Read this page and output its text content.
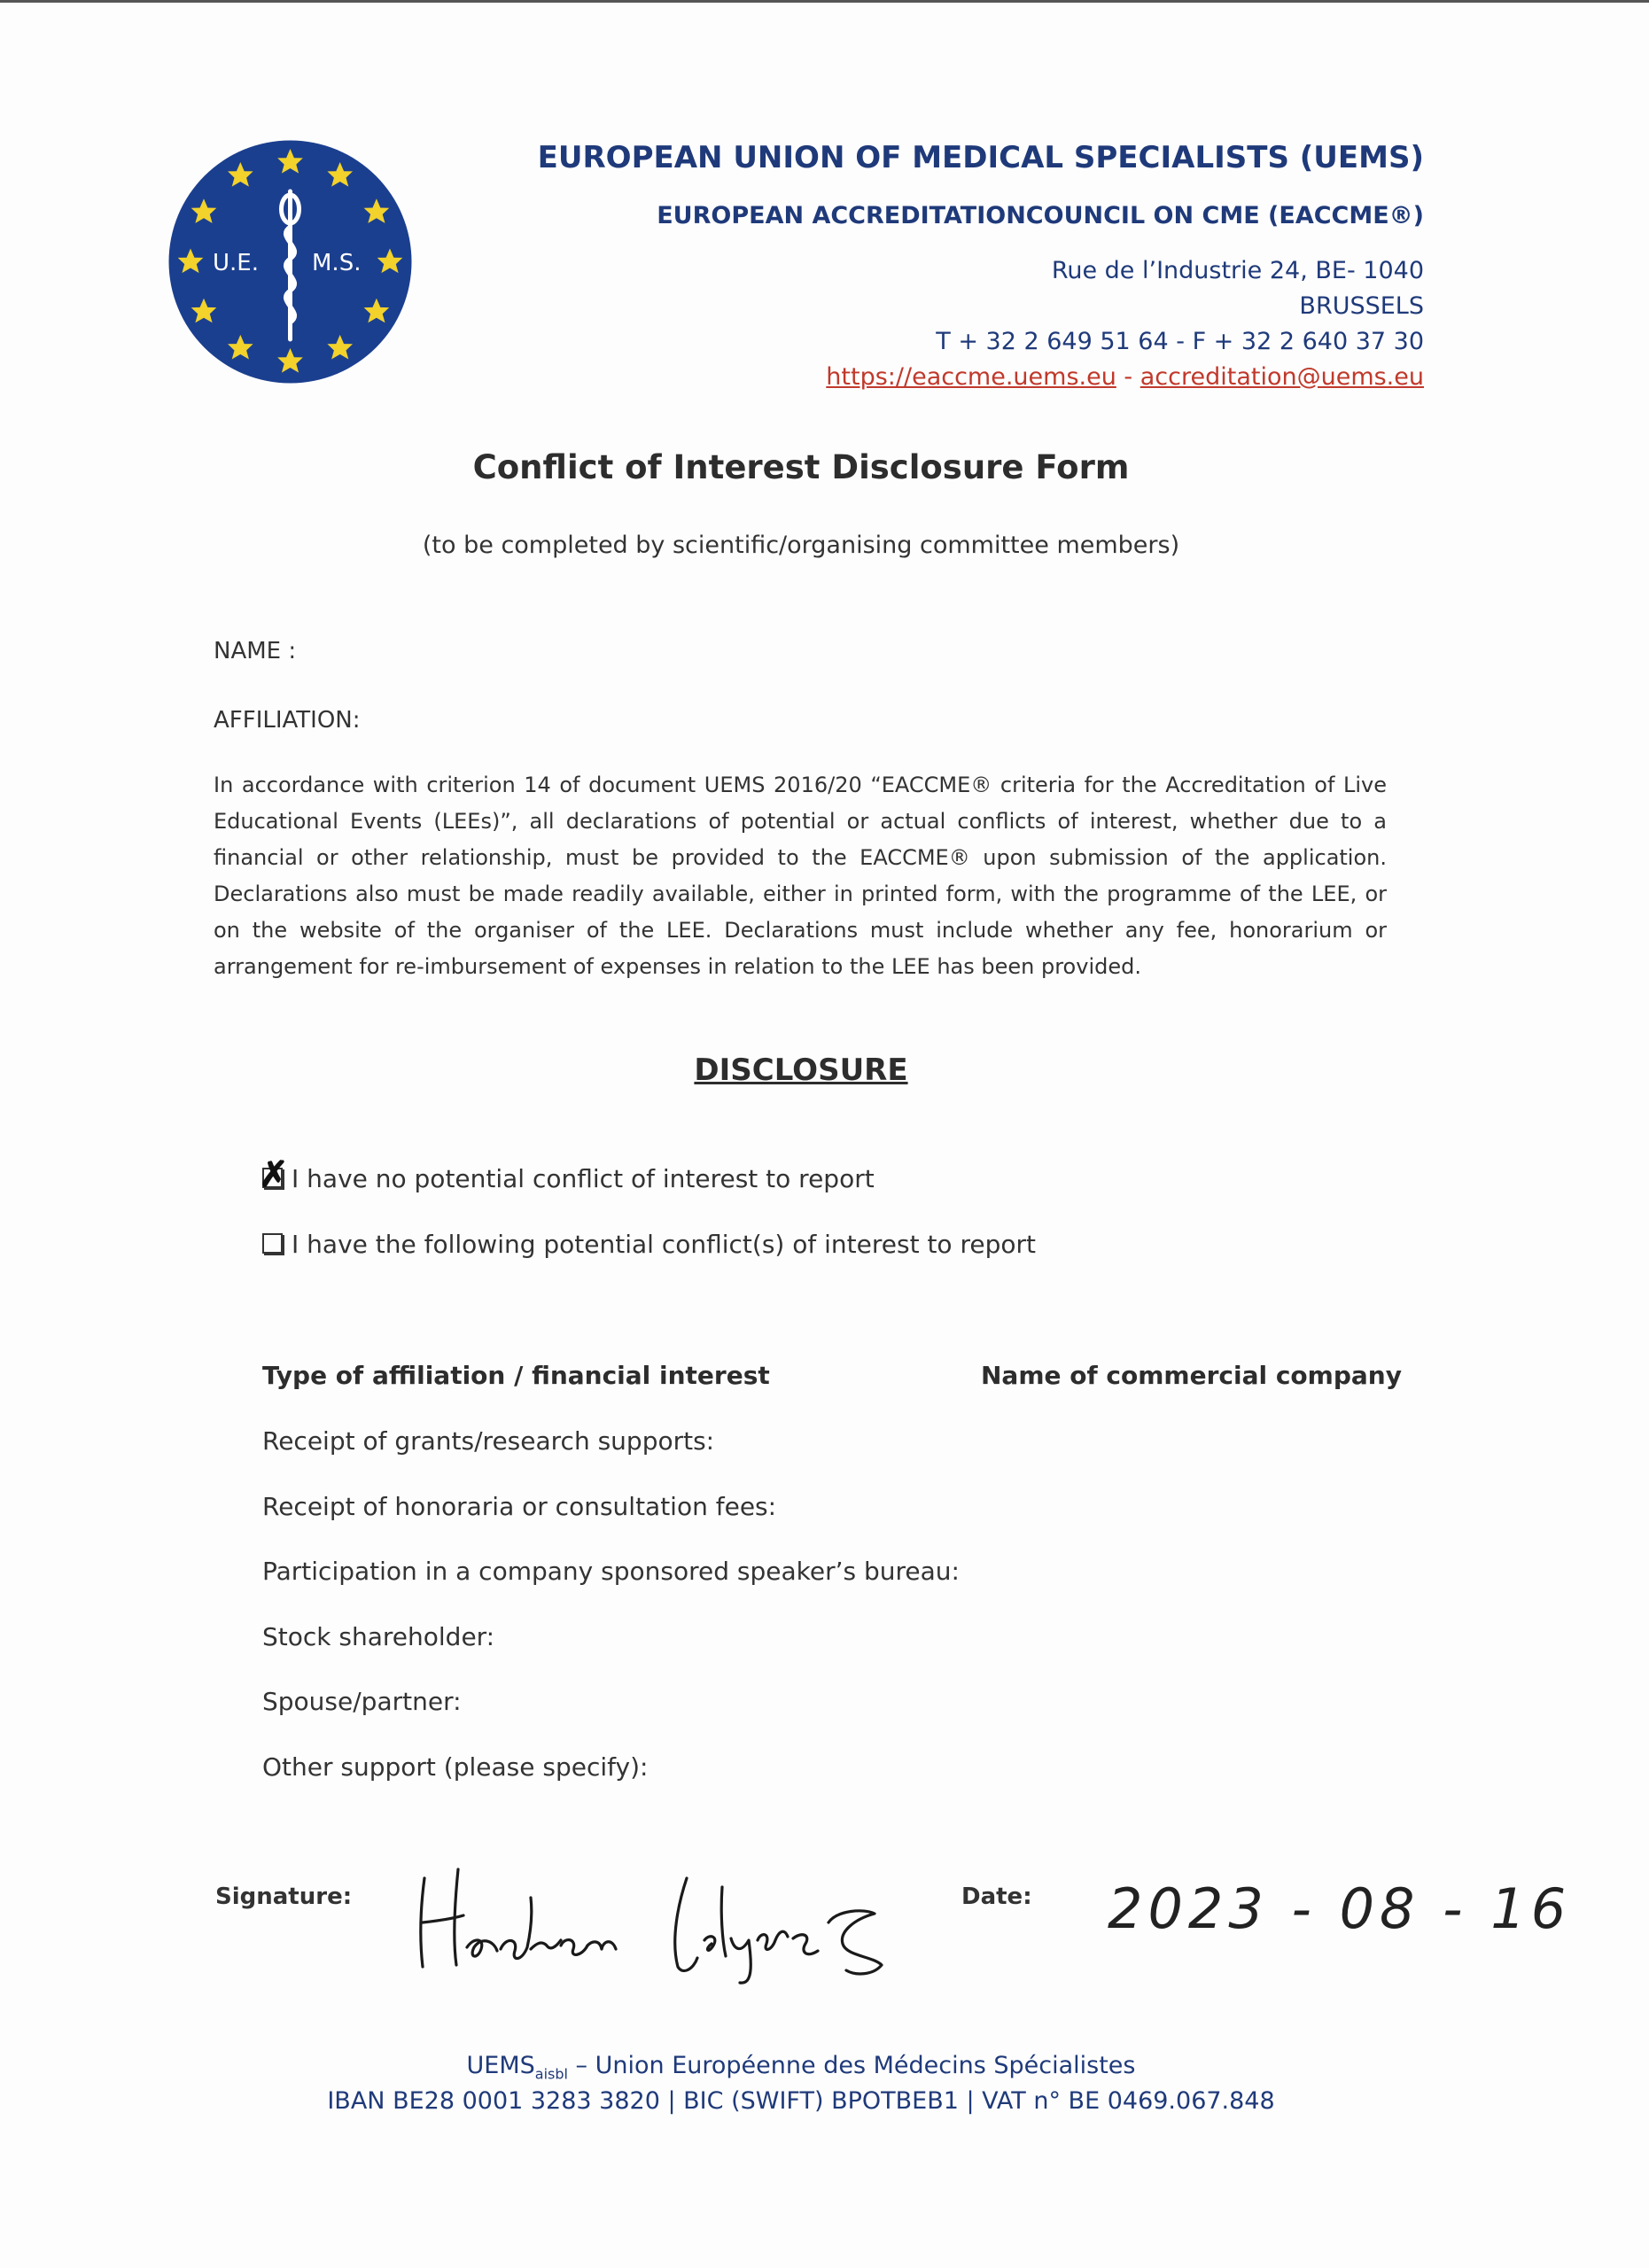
U.E. M.S.
EUROPEAN UNION OF MEDICAL SPECIALISTS (UEMS)
EUROPEAN ACCREDITATIONCOUNCIL ON CME (EACCME®)
Rue de l’Industrie 24, BE- 1040
BRUSSELS
T + 32 2 649 51 64 - F + 32 2 640 37 30
https://eaccme.uems.eu - accreditation@uems.eu
Conflict of Interest Disclosure Form
(to be completed by scientific/organising committee members)
NAME :
AFFILIATION:
In accordance with criterion 14 of document UEMS 2016/20 “EACCME® criteria for the Accreditation of Live Educational Events (LEEs)”, all declarations of potential or actual conflicts of interest, whether due to a financial or other relationship, must be provided to the EACCME® upon submission of the application. Declarations also must be made readily available, either in printed form, with the programme of the LEE, or on the website of the organiser of the LEE. Declarations must include whether any fee, honorarium or arrangement for re-imbursement of expenses in relation to the LEE has been provided.
DISCLOSURE
✗ I have no potential conflict of interest to report
I have the following potential conflict(s) of interest to report
Type of affiliation / financial interest	Name of commercial company
Receipt of grants/research supports:
Receipt of honoraria or consultation fees:
Participation in a company sponsored speaker’s bureau:
Stock shareholder:
Spouse/partner:
Other support (please specify):
Signature:	Date: 2023 - 08 - 16
$UEMS_{aisbl}$ – Union Européenne des Médecins Spécialistes
IBAN BE28 0001 3283 3820 | BIC (SWIFT) BPOTBEB1 | VAT n° BE 0469.067.848
